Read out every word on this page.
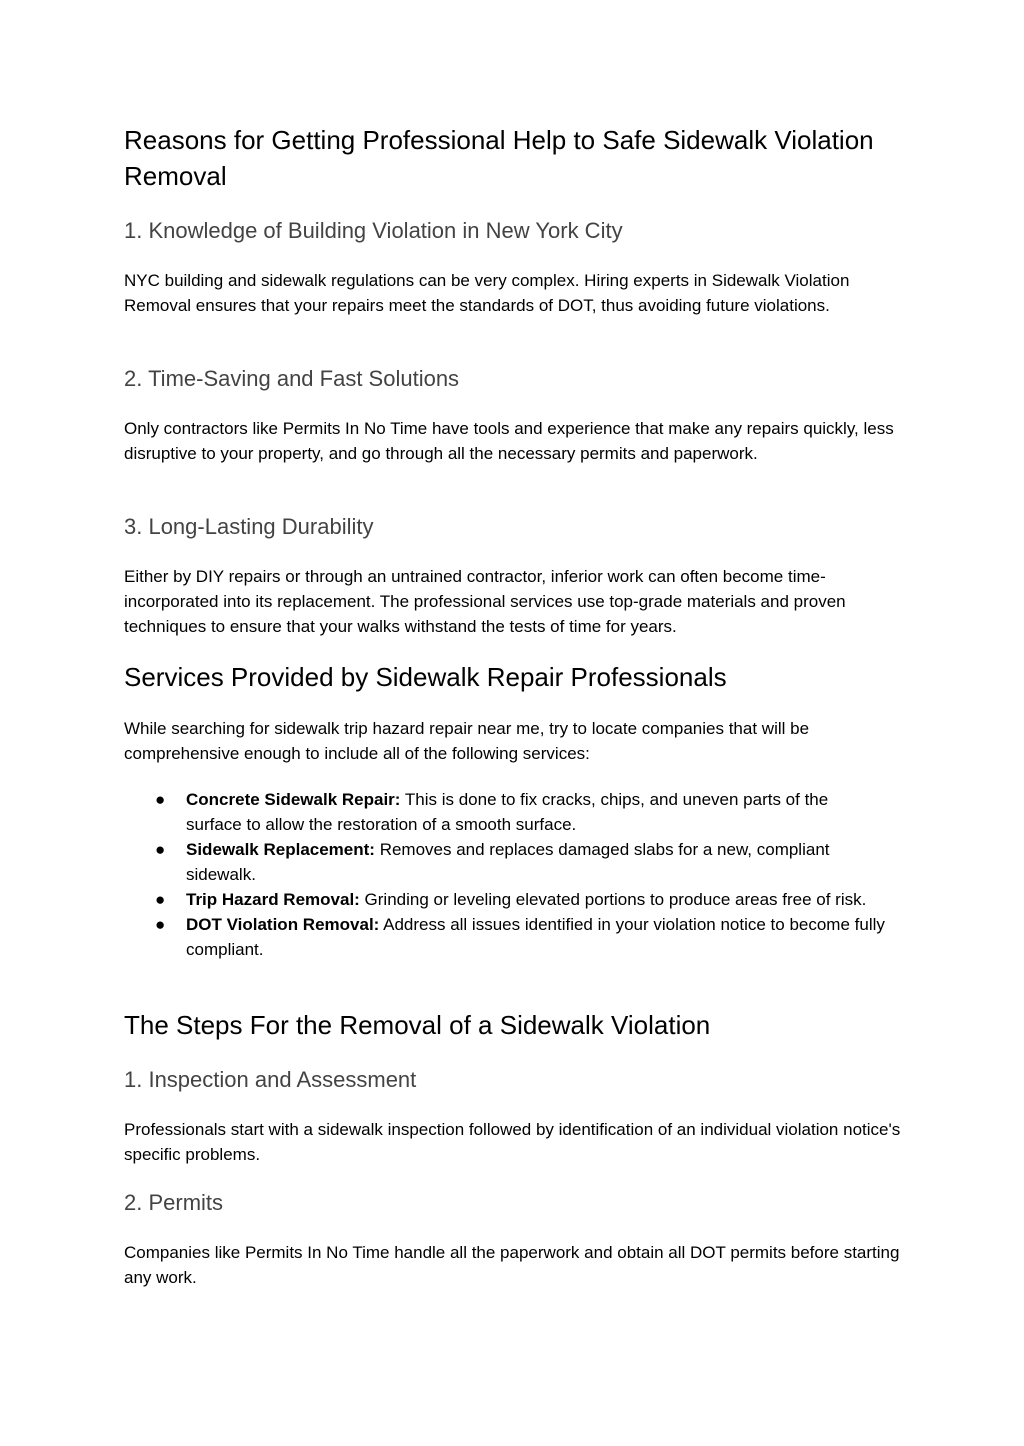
Reasons for Getting Professional Help to Safe Sidewalk Violation Removal
1. Knowledge of Building Violation in New York City

NYC building and sidewalk regulations can be very complex. Hiring experts in Sidewalk Violation Removal ensures that your repairs meet the standards of DOT, thus avoiding future violations.

2. Time-Saving and Fast Solutions

Only contractors like Permits In No Time have tools and experience that make any repairs quickly, less disruptive to your property, and go through all the necessary permits and paperwork.

3. Long-Lasting Durability

Either by DIY repairs or through an untrained contractor, inferior work can often become time-incorporated into its replacement. The professional services use top-grade materials and proven techniques to ensure that your walks withstand the tests of time for years.

Services Provided by Sidewalk Repair Professionals

While searching for sidewalk trip hazard repair near me, try to locate companies that will be comprehensive enough to include all of the following services:

● Concrete Sidewalk Repair: This is done to fix cracks, chips, and uneven parts of the surface to allow the restoration of a smooth surface.
● Sidewalk Replacement: Removes and replaces damaged slabs for a new, compliant sidewalk.
● Trip Hazard Removal: Grinding or leveling elevated portions to produce areas free of risk.
● DOT Violation Removal: Address all issues identified in your violation notice to become fully compliant.
The Steps For the Removal of a Sidewalk Violation
1. Inspection and Assessment

Professionals start with a sidewalk inspection followed by identification of an individual violation notice's specific problems.

2. Permits

Companies like Permits In No Time handle all the paperwork and obtain all DOT permits before starting any work.
